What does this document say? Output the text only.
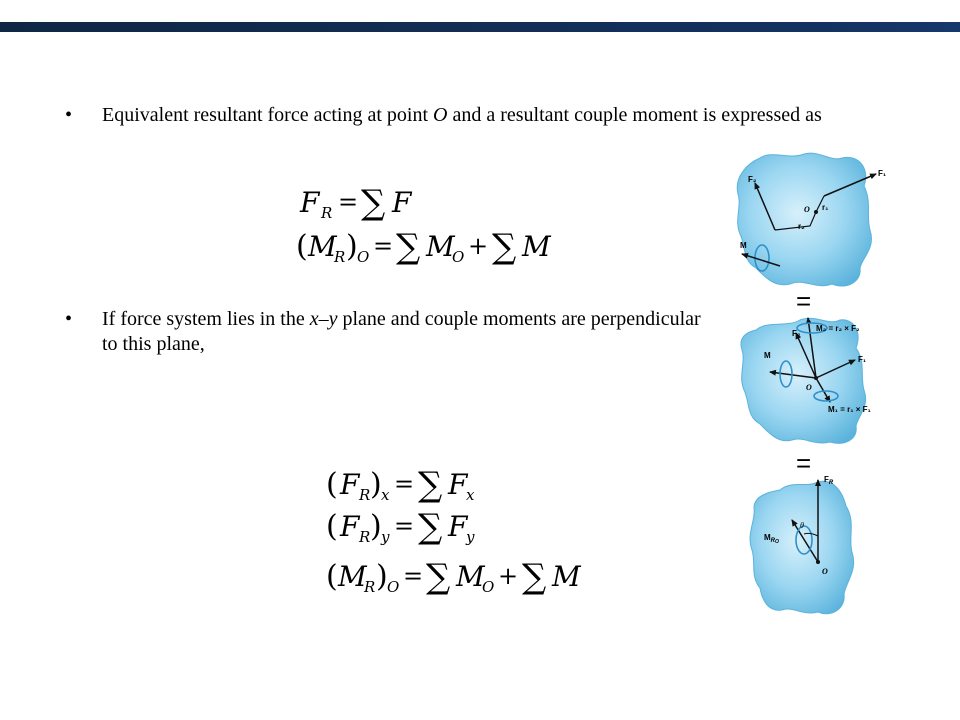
• Equivalent resultant force acting at point O and a resultant couple moment is expressed as
• If force system lies in the x–y plane and couple moments are perpendicular to this plane,
F R = ∑ F
( M
R ) O = ∑ M
O + ∑ M
( F R ) x = ∑ F
x
( F R ) y = ∑ F
y
( M
R ) O = ∑ M
O + ∑ M
F₂
F₁
O r₁
r₂
M
=
F₂
M₂ = r₂ × F₂
M	F₁
O
M₁ = r₁ × F₁
=
$F_R$
θ
$M_RO$
O
